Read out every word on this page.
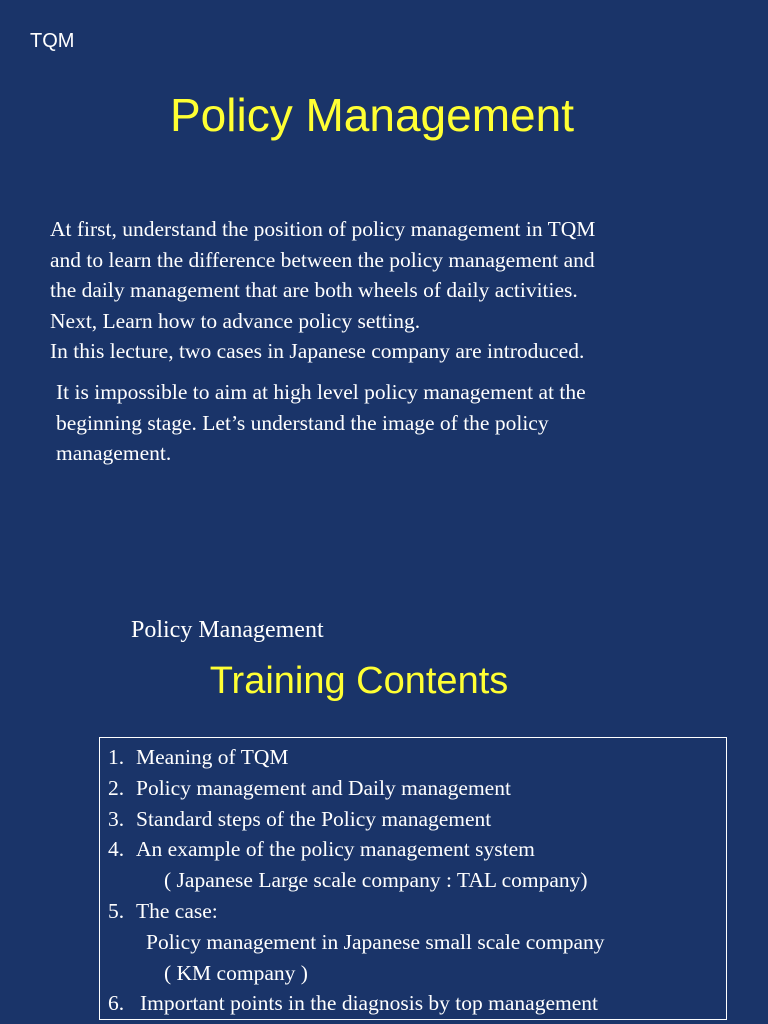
TQM
Policy Management
At first, understand the position of policy management in TQM
and to learn the difference between the policy management and
the daily management that are both wheels of daily activities.
Next, Learn how to advance policy setting.
In this lecture, two cases in Japanese company are introduced.
It is impossible to aim at high level policy management at the
beginning stage. Let’s understand the image of the policy
management.
Policy Management
Training Contents
1. Meaning of TQM
2. Policy management and Daily management
3. Standard steps of the Policy management
4. An example of the policy management system
( Japanese Large scale company : TAL company)
5. The case:
Policy management in Japanese small scale company
( KM company )
6. Important points in the diagnosis by top management
